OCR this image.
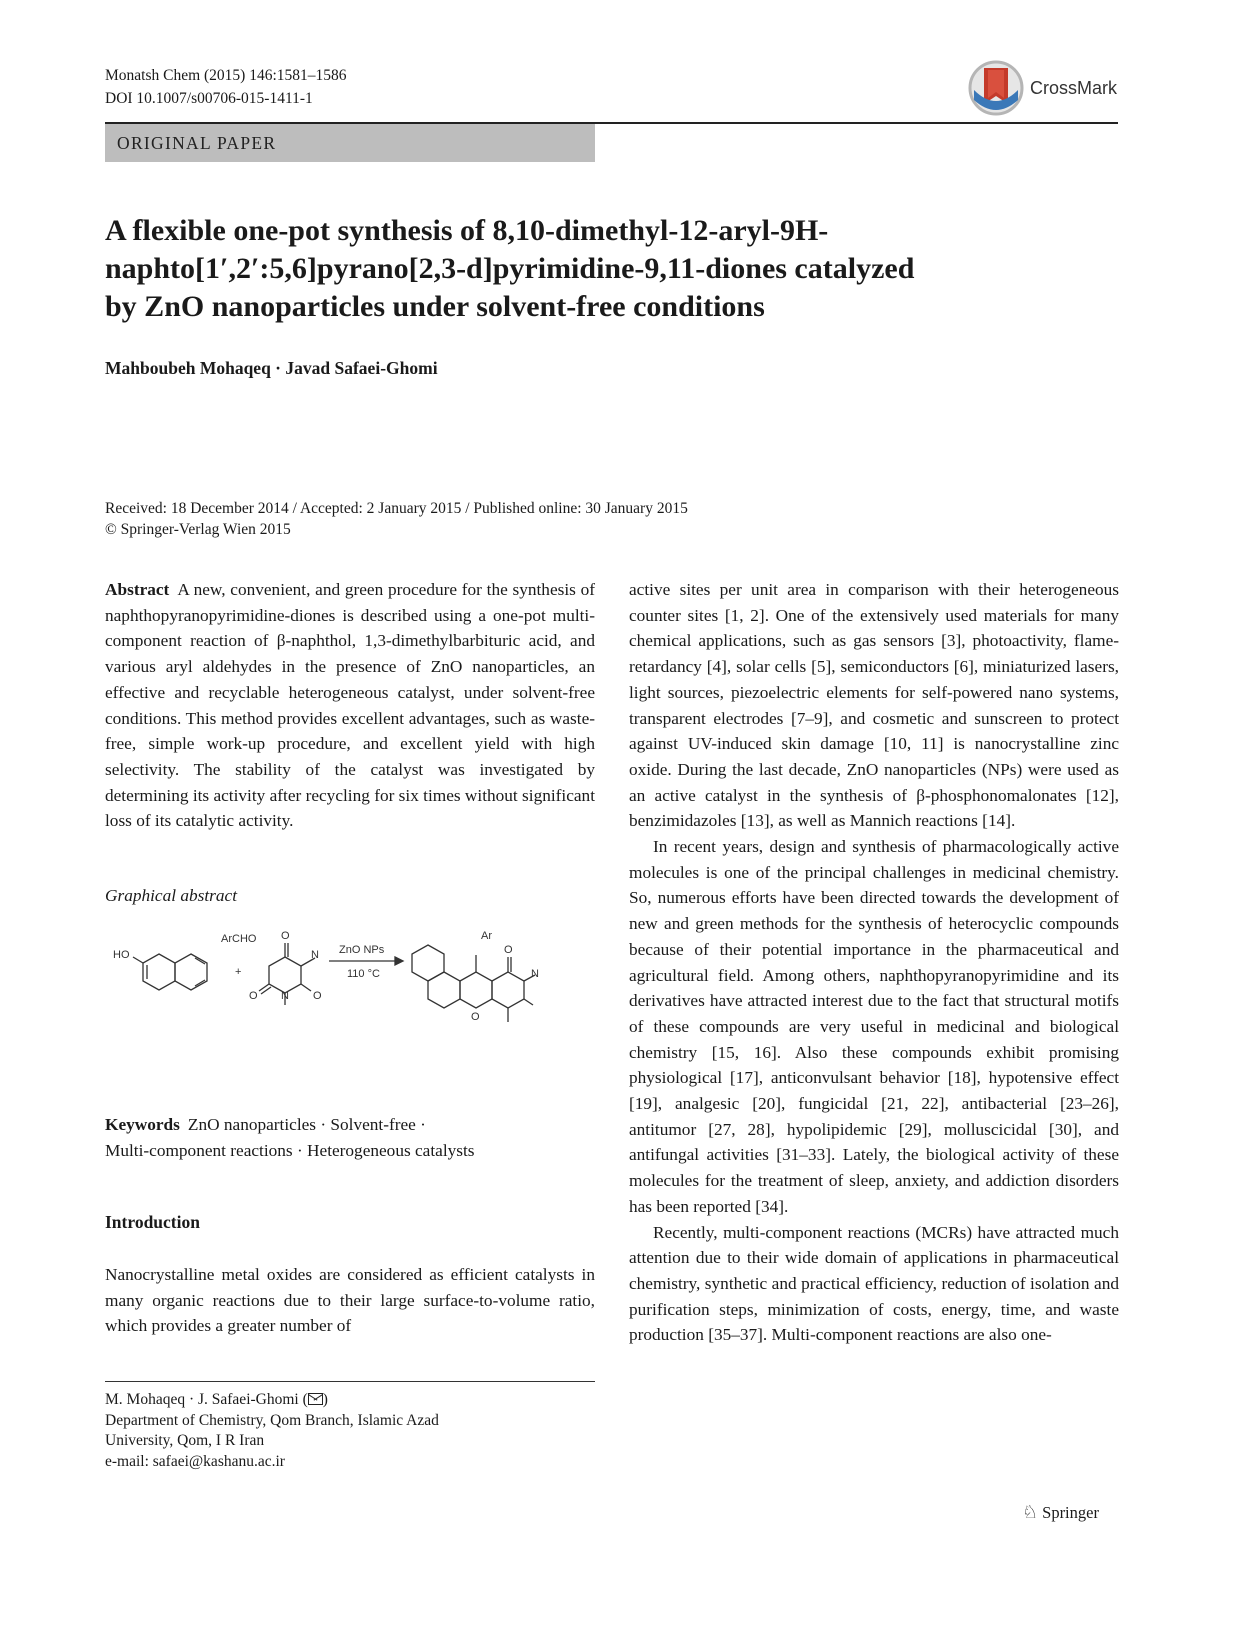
Monatsh Chem (2015) 146:1581–1586
DOI 10.1007/s00706-015-1411-1
CrossMark
ORIGINAL PAPER
A flexible one-pot synthesis of 8,10-dimethyl-12-aryl-9H-
naphto[1′,2′:5,6]pyrano[2,3-d]pyrimidine-9,11-diones catalyzed
by ZnO nanoparticles under solvent-free conditions
Mahboubeh Mohaqeq · Javad Safaei-Ghomi
Received: 18 December 2014 / Accepted: 2 January 2015 / Published online: 30 January 2015
© Springer-Verlag Wien 2015
Abstract A new, convenient, and green procedure for the synthesis of naphthopyranopyrimidine-diones is described using a one-pot multi-component reaction of β-naphthol, 1,3-dimethylbarbituric acid, and various aryl aldehydes in the presence of ZnO nanoparticles, an effective and recyclable heterogeneous catalyst, under solvent-free conditions. This method provides excellent advantages, such as waste-free, simple work-up procedure, and excellent yield with high selectivity. The stability of the catalyst was investigated by determining its activity after recycling for six times without significant loss of its catalytic activity.
Graphical abstract
HO
ArCHO
+
O
N
N
O	O
ZnO NPs
110 °C
Ar
O
N
O
Keywords ZnO nanoparticles · Solvent-free ·
Multi-component reactions · Heterogeneous catalysts
Introduction
Nanocrystalline metal oxides are considered as efficient catalysts in many organic reactions due to their large surface-to-volume ratio, which provides a greater number of
M. Mohaqeq · J. Safaei-Ghomi ( )
Department of Chemistry, Qom Branch, Islamic Azad
University, Qom, I R Iran
e-mail: safaei@kashanu.ac.ir

active sites per unit area in comparison with their heterogeneous counter sites [1, 2]. One of the extensively used materials for many chemical applications, such as gas sensors [3], photoactivity, flame-retardancy [4], solar cells [5], semiconductors [6], miniaturized lasers, light sources, piezoelectric elements for self-powered nano systems, transparent electrodes [7–9], and cosmetic and sunscreen to protect against UV-induced skin damage [10, 11] is nanocrystalline zinc oxide. During the last decade, ZnO nanoparticles (NPs) were used as an active catalyst in the synthesis of β-phosphonomalonates [12], benzimidazoles [13], as well as Mannich reactions [14].

In recent years, design and synthesis of pharmacologically active molecules is one of the principal challenges in medicinal chemistry. So, numerous efforts have been directed towards the development of new and green methods for the synthesis of heterocyclic compounds because of their potential importance in the pharmaceutical and agricultural field. Among others, naphthopyranopyrimidine and its derivatives have attracted interest due to the fact that structural motifs of these compounds are very useful in medicinal and biological chemistry [15, 16]. Also these compounds exhibit promising physiological [17], anticonvulsant behavior [18], hypotensive effect [19], analgesic [20], fungicidal [21, 22], antibacterial [23–26], antitumor [27, 28], hypolipidemic [29], molluscicidal [30], and antifungal activities [31–33]. Lately, the biological activity of these molecules for the treatment of sleep, anxiety, and addiction disorders has been reported [34].

Recently, multi-component reactions (MCRs) have attracted much attention due to their wide domain of applications in pharmaceutical chemistry, synthetic and practical efficiency, reduction of isolation and purification steps, minimization of costs, energy, time, and waste production [35–37]. Multi-component reactions are also one-

♘ Springer
